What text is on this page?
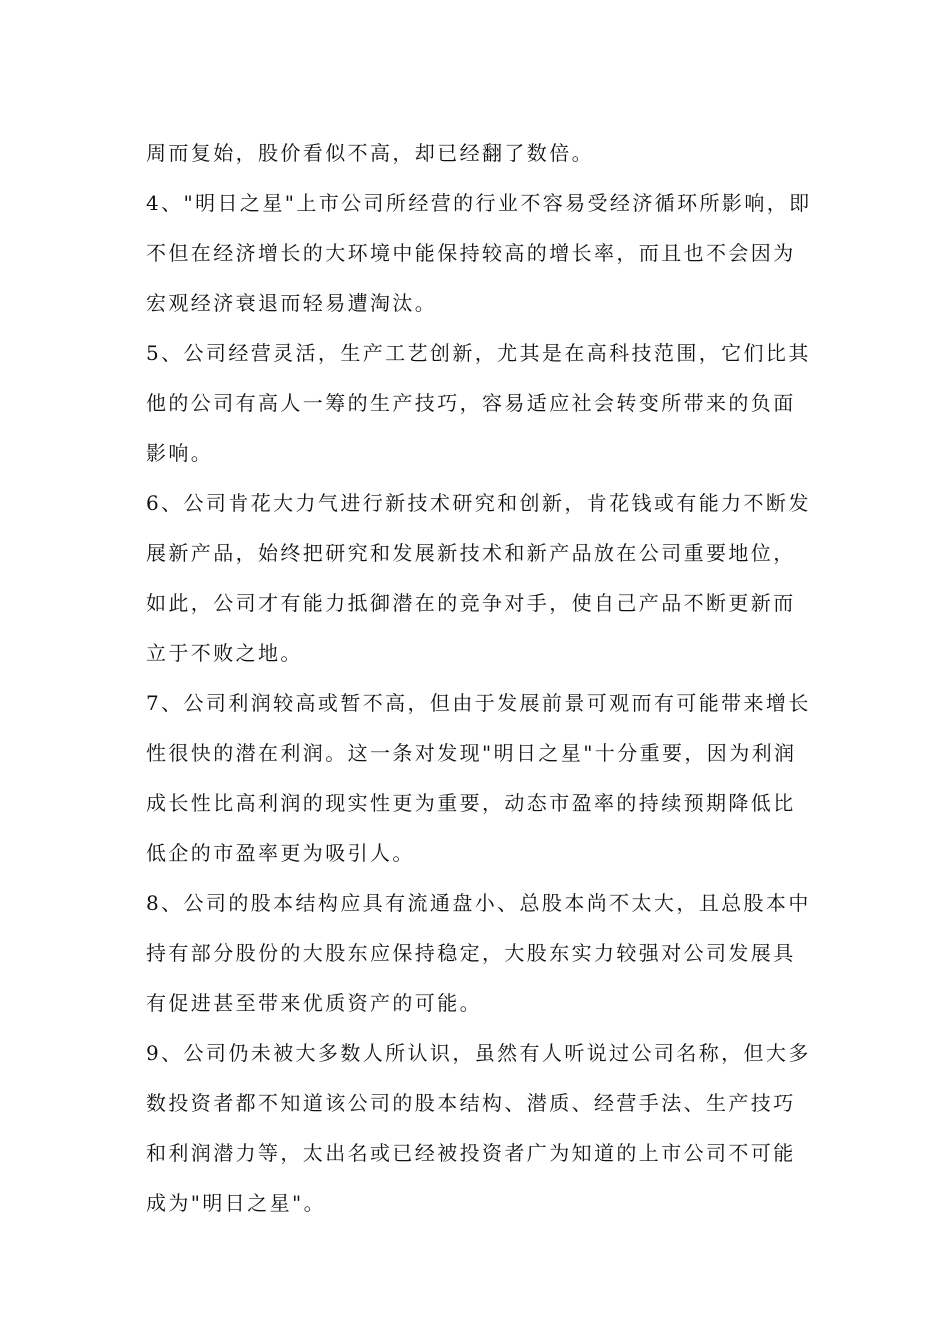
周而复始，股价看似不高，却已经翻了数倍。

4、"明日之星"上市公司所经营的行业不容易受经济循环所影响，即
不但在经济增长的大环境中能保持较高的增长率，而且也不会因为
宏观经济衰退而轻易遭淘汰。

5、公司经营灵活，生产工艺创新，尤其是在高科技范围，它们比其
他的公司有高人一筹的生产技巧，容易适应社会转变所带来的负面
影响。

6、公司肯花大力气进行新技术研究和创新，肯花钱或有能力不断发
展新产品，始终把研究和发展新技术和新产品放在公司重要地位，
如此，公司才有能力抵御潜在的竞争对手，使自己产品不断更新而
立于不败之地。

7、公司利润较高或暂不高，但由于发展前景可观而有可能带来增长
性很快的潜在利润。这一条对发现"明日之星"十分重要，因为利润
成长性比高利润的现实性更为重要，动态市盈率的持续预期降低比
低企的市盈率更为吸引人。

8、公司的股本结构应具有流通盘小、总股本尚不太大，且总股本中
持有部分股份的大股东应保持稳定，大股东实力较强对公司发展具
有促进甚至带来优质资产的可能。

9、公司仍未被大多数人所认识，虽然有人听说过公司名称，但大多
数投资者都不知道该公司的股本结构、潜质、经营手法、生产技巧
和利润潜力等，太出名或已经被投资者广为知道的上市公司不可能
成为"明日之星"。
